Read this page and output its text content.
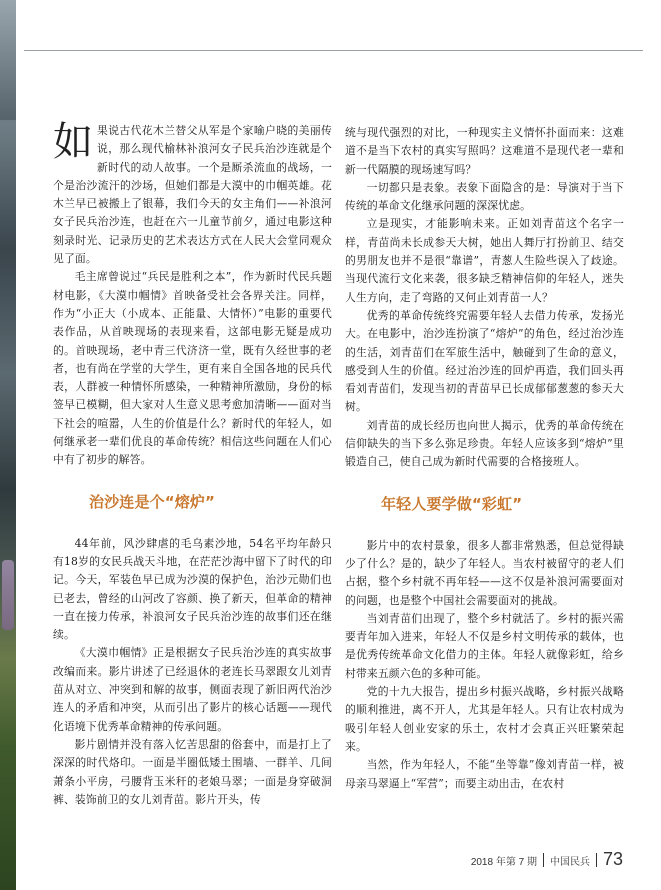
如果说古代花木兰替父从军是个家喻户晓的美丽传说，那么现代榆林补浪河女子民兵治沙连就是个新时代的动人故事。一个是厮杀流血的战场，一个是治沙流汗的沙场，但她们都是大漠中的巾帼英雄。花木兰早已被搬上了银幕，我们今天的女主角们——补浪河女子民兵治沙连，也赶在六一儿童节前夕，通过电影这种刻录时光、记录历史的艺术表达方式在人民大会堂同观众见了面。

毛主席曾说过“兵民是胜利之本”，作为新时代民兵题材电影，《大漠巾帼情》首映备受社会各界关注。同样，作为“小正大（小成本、正能量、大情怀）”电影的重要代表作品，从首映现场的表现来看，这部电影无疑是成功的。首映现场，老中青三代济济一堂，既有久经世事的老者，也有尚在学堂的大学生，更有来自全国各地的民兵代表，人群被一种情怀所感染，一种精神所激励，身份的标签早已模糊，但大家对人生意义思考愈加清晰——面对当下社会的喧嚣，人生的价值是什么？新时代的年轻人，如何继承老一辈们优良的革命传统？相信这些问题在人们心中有了初步的解答。

治沙连是个“熔炉”

44年前，风沙肆虐的毛乌素沙地，54名平均年龄只有18岁的女民兵战天斗地，在茫茫沙海中留下了时代的印记。今天，军装色早已成为沙漠的保护色，治沙元勋们也已老去，曾经的山河改了容颜、换了新天，但革命的精神一直在接力传承，补浪河女子民兵治沙连的故事们还在继续。

《大漠巾帼情》正是根据女子民兵治沙连的真实故事改编而来。影片讲述了已经退休的老连长马翠跟女儿刘青苗从对立、冲突到和解的故事，侧面表现了新旧两代治沙连人的矛盾和冲突，从而引出了影片的核心话题——现代化语境下优秀革命精神的传承问题。

影片剧情并没有落入忆苦思甜的俗套中，而是打上了深深的时代烙印。一面是半圈低矮土围墙、一群羊、几间萧条小平房，弓腰背玉米秆的老娘马翠；一面是身穿破洞裤、装饰前卫的女儿刘青苗。影片开头，传

统与现代强烈的对比，一种现实主义情怀扑面而来：这难道不是当下农村的真实写照吗？这难道不是现代老一辈和新一代隔膜的现场速写吗？

一切都只是表象。表象下面隐含的是：导演对于当下传统的革命文化继承问题的深深忧虑。

立是现实，才能影响未来。正如刘青苗这个名字一样，青苗尚未长成参天大树，她出人舞厅打扮前卫、结交的男朋友也并不是很“靠谱”，青葱人生险些误入了歧途。当现代流行文化来袭，很多缺乏精神信仰的年轻人，迷失人生方向，走了弯路的又何止刘青苗一人？

优秀的革命传统终究需要年轻人去借力传承，发扬光大。在电影中，治沙连扮演了“熔炉”的角色，经过治沙连的生活，刘青苗们在军旅生活中，触碰到了生命的意义，感受到人生的价值。经过治沙连的回炉再造，我们回头再看刘青苗们，发现当初的青苗早已长成郁郁葱葱的参天大树。

刘青苗的成长经历也向世人揭示，优秀的革命传统在信仰缺失的当下多么弥足珍贵。年轻人应该多到“熔炉”里锻造自己，使自己成为新时代需要的合格接班人。

年轻人要学做“彩虹”

影片中的农村景象，很多人都非常熟悉，但总觉得缺少了什么？是的，缺少了年轻人。当农村被留守的老人们占据，整个乡村就不再年轻——这不仅是补浪河需要面对的问题，也是整个中国社会需要面对的挑战。

当刘青苗们出现了，整个乡村就活了。乡村的振兴需要青年加入进来，年轻人不仅是乡村文明传承的载体，也是优秀传统革命文化借力的主体。年轻人就像彩虹，给乡村带来五颜六色的多种可能。

党的十九大报告，提出乡村振兴战略，乡村振兴战略的顺利推进，离不开人，尤其是年轻人。只有让农村成为吸引年轻人创业安家的乐土，农村才会真正兴旺繁荣起来。

当然，作为年轻人，不能“坐等靠”像刘青苗一样，被母亲马翠逼上“军营”；而要主动出击，在农村

2018 年第 7 期 中国民兵 73
